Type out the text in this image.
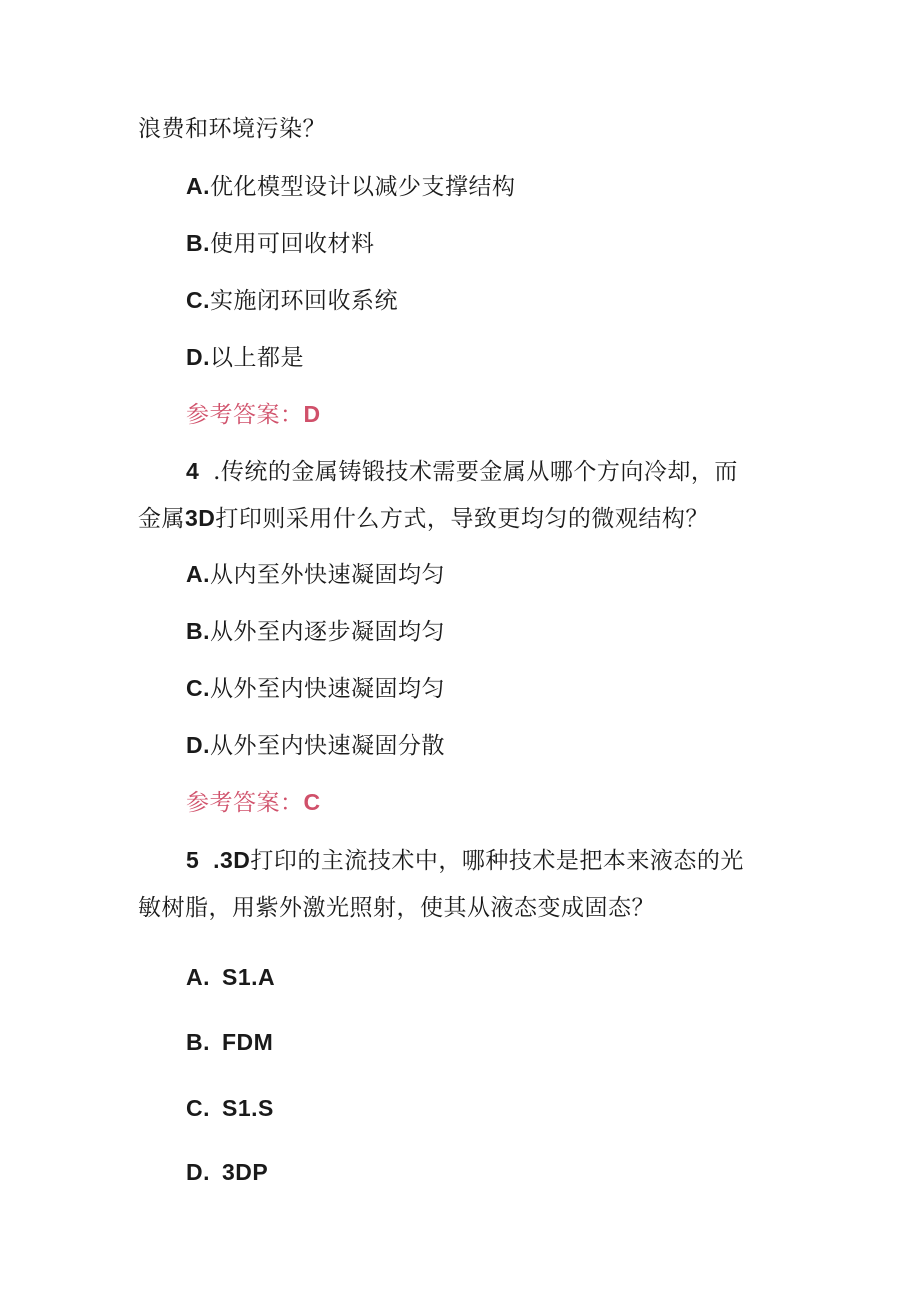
浪费和环境污染？
A.优化模型设计以减少支撑结构
B.使用可回收材料
C.实施闭环回收系统
D.以上都是
参考答案：D
4 .传统的金属铸锻技术需要金属从哪个方向冷却，而
金属3D打印则采用什么方式，导致更均匀的微观结构？
A.从内至外快速凝固均匀
B.从外至内逐步凝固均匀
C.从外至内快速凝固均匀
D.从外至内快速凝固分散
参考答案：C
5 .3D打印的主流技术中，哪种技术是把本来液态的光
敏树脂，用紫外激光照射，使其从液态变成固态？
A. S1.A
B. FDM
C. S1.S
D. 3DP
